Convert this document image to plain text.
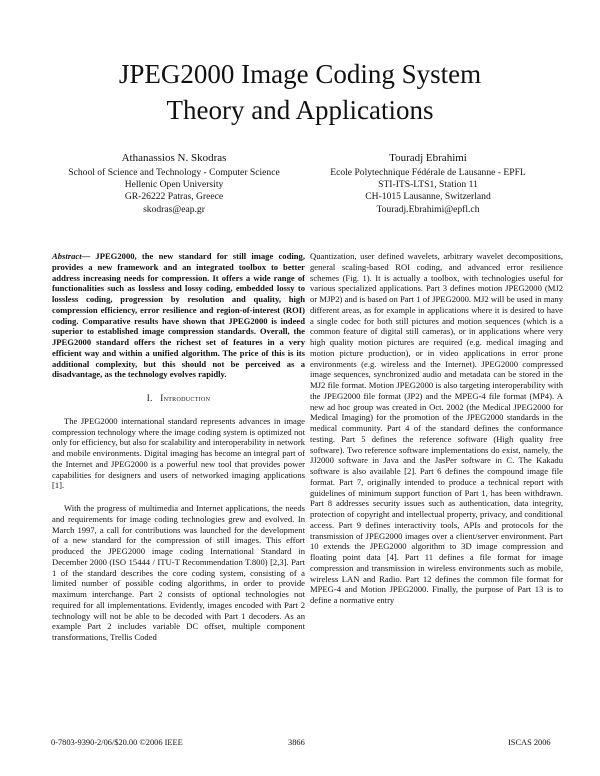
JPEG2000 Image Coding System
Theory and Applications
Athanassios N. Skodras
School of Science and Technology - Computer Science
Hellenic Open University
GR-26222 Patras, Greece
skodras@eap.gr
Touradj Ebrahimi
Ecole Polytechnique Fédérale de Lausanne - EPFL
STI-ITS-LTS1, Station 11
CH-1015 Lausanne, Switzerland
Touradj.Ebrahimi@epfl.ch

Abstract— JPEG2000, the new standard for still image coding, provides a new framework and an integrated toolbox to better address increasing needs for compression. It offers a wide range of functionalities such as lossless and lossy coding, embedded lossy to lossless coding, progression by resolution and quality, high compression efficiency, error resilience and region-of-interest (ROI) coding. Comparative results have shown that JPEG2000 is indeed superior to established image compression standards. Overall, the JPEG2000 standard offers the richest set of features in a very efficient way and within a unified algorithm. The price of this is its additional complexity, but this should not be perceived as a disadvantage, as the technology evolves rapidly.

I. Introduction

The JPEG2000 international standard represents advances in image compression technology where the image coding system is optimized not only for efficiency, but also for scalability and interoperability in network and mobile environments. Digital imaging has become an integral part of the Internet and JPEG2000 is a powerful new tool that provides power capabilities for designers and users of networked imaging applications [1].

With the progress of multimedia and Internet applications, the needs and requirements for image coding technologies grew and evolved. In March 1997, a call for contributions was launched for the development of a new standard for the compression of still images. This effort produced the JPEG2000 image coding International Standard in December 2000 (ISO 15444 / ITU-T Recommendation T.800) [2,3]. Part 1 of the standard describes the core coding system, consisting of a limited number of possible coding algorithms, in order to provide maximum interchange. Part 2 consists of optional technologies not required for all implementations. Evidently, images encoded with Part 2 technology will not be able to be decoded with Part 1 decoders. As an example Part 2 includes variable DC offset, multiple component transformations, Trellis Coded

Quantization, user defined wavelets, arbitrary wavelet decompositions, general scaling-based ROI coding, and advanced error resilience schemes (Fig. 1). It is actually a toolbox, with technologies useful for various specialized applications. Part 3 defines motion JPEG2000 (MJ2 or MJP2) and is based on Part 1 of JPEG2000. MJ2 will be used in many different areas, as for example in applications where it is desired to have a single codec for both still pictures and motion sequences (which is a common feature of digital still cameras), or in applications where very high quality motion pictures are required (e.g. medical imaging and motion picture production), or in video applications in error prone environments (e.g. wireless and the Internet). JPEG2000 compressed image sequences, synchronized audio and metadata can be stored in the MJ2 file format. Motion JPEG2000 is also targeting interoperability with the JPEG2000 file format (JP2) and the MPEG-4 file format (MP4). A new ad hoc group was created in Oct. 2002 (the Medical JPEG2000 for Medical Imaging) for the promotion of the JPEG2000 standards in the medical community. Part 4 of the standard defines the conformance testing. Part 5 defines the reference software (High quality free software). Two reference software implementations do exist, namely, the JJ2000 software in Java and the JasPer software in C. The Kakadu software is also available [2]. Part 6 defines the compound image file format. Part 7, originally intended to produce a technical report with guidelines of minimum support function of Part 1, has been withdrawn. Part 8 addresses security issues such as authentication, data integrity, protection of copyright and intellectual property, privacy, and conditional access. Part 9 defines interactivity tools, APIs and protocols for the transmission of JPEG2000 images over a client/server environment. Part 10 extends the JPEG2000 algorithm to 3D image compression and floating point data [4]. Part 11 defines a file format for image compression and transmission in wireless environments such as mobile, wireless LAN and Radio. Part 12 defines the common file format for MPEG-4 and Motion JPEG2000. Finally, the purpose of Part 13 is to define a normative entry

0-7803-9390-2/06/$20.00 ©2006 IEEE	3866	ISCAS 2006
